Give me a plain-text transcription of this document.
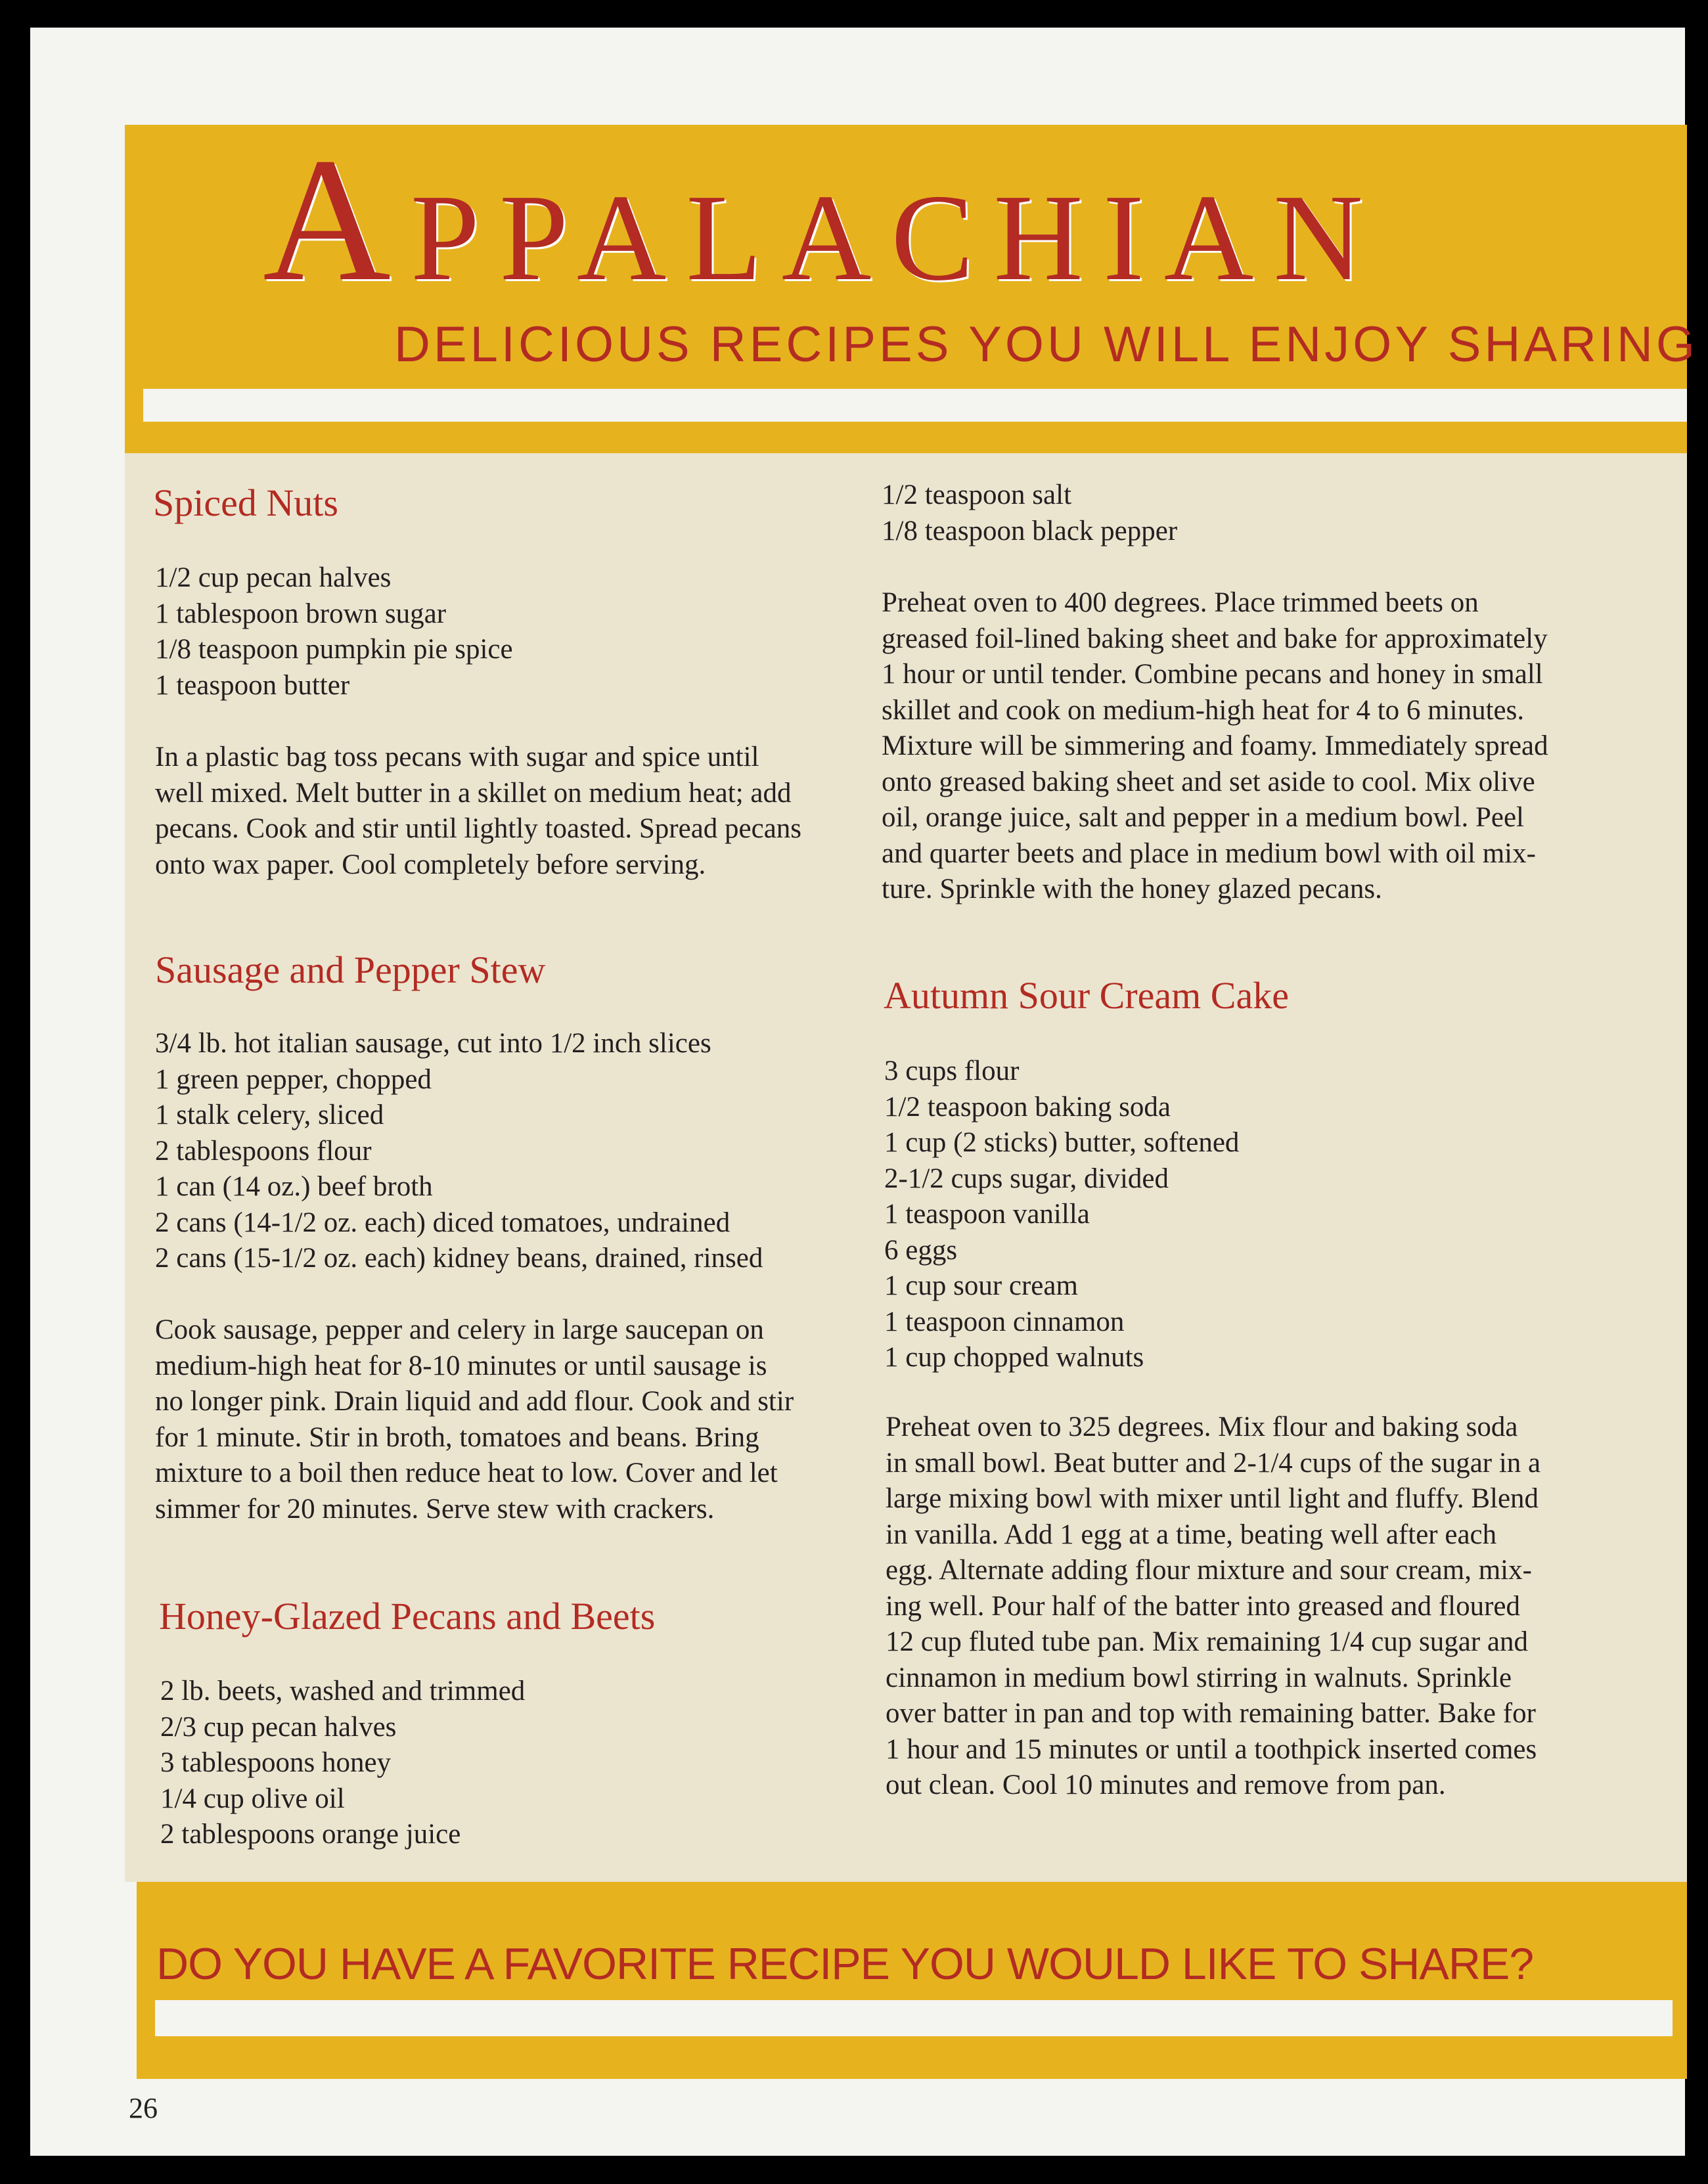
Appalachian
DELICIOUS RECIPES YOU WILL ENJOY SHARING
Spiced Nuts
1/2 cup pecan halves
1 tablespoon brown sugar
1/8 teaspoon pumpkin pie spice
1 teaspoon butter
In a plastic bag toss pecans with sugar and spice until
well mixed. Melt butter in a skillet on medium heat; add
pecans. Cook and stir until lightly toasted. Spread pecans
onto wax paper. Cool completely before serving.
Sausage and Pepper Stew
3/4 lb. hot italian sausage, cut into 1/2 inch slices
1 green pepper, chopped
1 stalk celery, sliced
2 tablespoons flour
1 can (14 oz.) beef broth
2 cans (14-1/2 oz. each) diced tomatoes, undrained
2 cans (15-1/2 oz. each) kidney beans, drained, rinsed
Cook sausage, pepper and celery in large saucepan on
medium-high heat for 8-10 minutes or until sausage is
no longer pink. Drain liquid and add flour. Cook and stir
for 1 minute. Stir in broth, tomatoes and beans. Bring
mixture to a boil then reduce heat to low. Cover and let
simmer for 20 minutes. Serve stew with crackers.
Honey-Glazed Pecans and Beets
2 lb. beets, washed and trimmed
2/3 cup pecan halves
3 tablespoons honey
1/4 cup olive oil
2 tablespoons orange juice
1/2 teaspoon salt
1/8 teaspoon black pepper
Preheat oven to 400 degrees. Place trimmed beets on
greased foil-lined baking sheet and bake for approximately
1 hour or until tender. Combine pecans and honey in small
skillet and cook on medium-high heat for 4 to 6 minutes.
Mixture will be simmering and foamy. Immediately spread
onto greased baking sheet and set aside to cool. Mix olive
oil, orange juice, salt and pepper in a medium bowl. Peel
and quarter beets and place in medium bowl with oil mix-
ture. Sprinkle with the honey glazed pecans.
Autumn Sour Cream Cake
3 cups flour
1/2 teaspoon baking soda
1 cup (2 sticks) butter, softened
2-1/2 cups sugar, divided
1 teaspoon vanilla
6 eggs
1 cup sour cream
1 teaspoon cinnamon
1 cup chopped walnuts
Preheat oven to 325 degrees. Mix flour and baking soda
in small bowl. Beat butter and 2-1/4 cups of the sugar in a
large mixing bowl with mixer until light and fluffy. Blend
in vanilla. Add 1 egg at a time, beating well after each
egg. Alternate adding flour mixture and sour cream, mix-
ing well. Pour half of the batter into greased and floured
12 cup fluted tube pan. Mix remaining 1/4 cup sugar and
cinnamon in medium bowl stirring in walnuts. Sprinkle
over batter in pan and top with remaining batter. Bake for
1 hour and 15 minutes or until a toothpick inserted comes
out clean. Cool 10 minutes and remove from pan.
DO YOU HAVE A FAVORITE RECIPE YOU WOULD LIKE TO SHARE?
26
